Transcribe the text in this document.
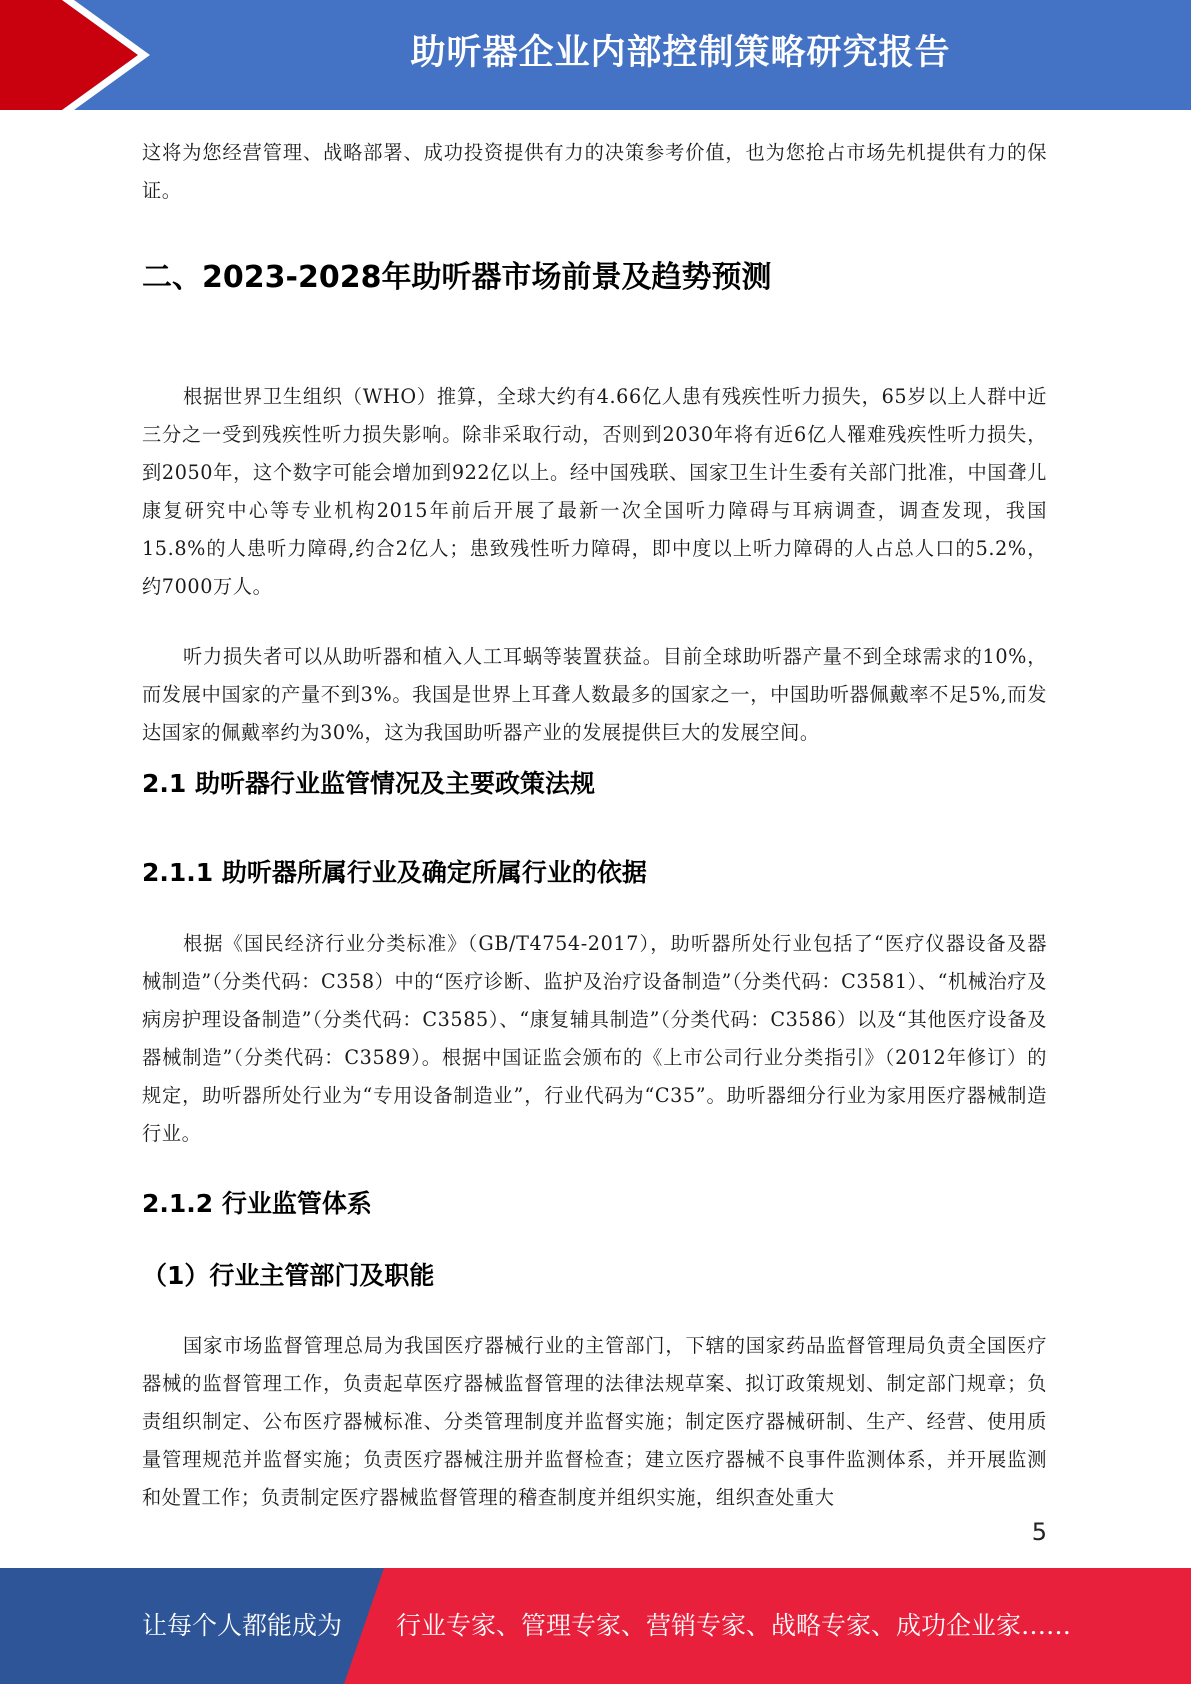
助听器企业内部控制策略研究报告

这将为您经营管理、战略部署、成功投资提供有力的决策参考价值，也为您抢占市场先机提供有力的保证。

二、2023-2028年助听器市场前景及趋势预测

根据世界卫生组织（WHO）推算，全球大约有4.66亿人患有残疾性听力损失，65岁以上人群中近三分之一受到残疾性听力损失影响。除非采取行动，否则到2030年将有近6亿人罹难残疾性听力损失，到2050年，这个数字可能会增加到922亿以上。经中国残联、国家卫生计生委有关部门批准，中国聋儿康复研究中心等专业机构2015年前后开展了最新一次全国听力障碍与耳病调查，调查发现，我国15.8%的人患听力障碍,约合2亿人；患致残性听力障碍，即中度以上听力障碍的人占总人口的5.2%，约7000万人。

听力损失者可以从助听器和植入人工耳蜗等装置获益。目前全球助听器产量不到全球需求的10%，而发展中国家的产量不到3%。我国是世界上耳聋人数最多的国家之一，中国助听器佩戴率不足5%,而发达国家的佩戴率约为30%，这为我国助听器产业的发展提供巨大的发展空间。

2.1 助听器行业监管情况及主要政策法规
2.1.1 助听器所属行业及确定所属行业的依据

根据《国民经济行业分类标准》（GB/T4754-2017），助听器所处行业包括了“医疗仪器设备及器械制造”（分类代码：C358）中的“医疗诊断、监护及治疗设备制造”（分类代码：C3581）、“机械治疗及病房护理设备制造”（分类代码：C3585）、“康复辅具制造”（分类代码：C3586）以及“其他医疗设备及器械制造”（分类代码：C3589）。根据中国证监会颁布的《上市公司行业分类指引》（2012年修订）的规定，助听器所处行业为“专用设备制造业”，行业代码为“C35”。助听器细分行业为家用医疗器械制造行业。

2.1.2 行业监管体系
（1）行业主管部门及职能

国家市场监督管理总局为我国医疗器械行业的主管部门，下辖的国家药品监督管理局负责全国医疗器械的监督管理工作，负责起草医疗器械监督管理的法律法规草案、拟订政策规划、制定部门规章；负责组织制定、公布医疗器械标准、分类管理制度并监督实施；制定医疗器械研制、生产、经营、使用质量管理规范并监督实施；负责医疗器械注册并监督检查；建立医疗器械不良事件监测体系，并开展监测和处置工作；负责制定医疗器械监督管理的稽查制度并组织实施，组织查处重大

5
让每个人都能成为 行业专家、管理专家、营销专家、战略专家、成功企业家……
